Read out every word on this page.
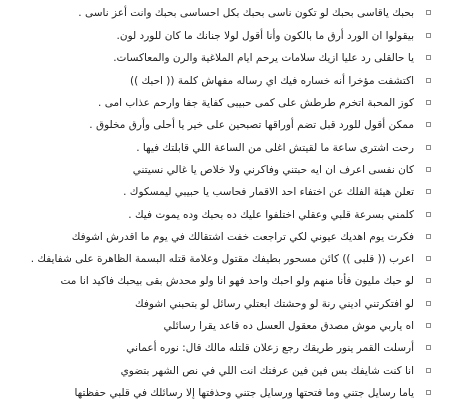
بحبك ياقاسى بحبك لو تكون ناسى بحبك بكل احساسى بحبك وانت أعز ناسى .
بيقولوا ان الورد أرق ما بالكون وأنا أقول لولا جنانك ما كان للورد لون.
يا حالقلى رد عليا ازيك سلامات يرحم ايام الملاغية والرن والمعاكسات.
اكتشفت مؤخرا أنه خساره فيك اي رساله مفهاش كلمة (( احبك ))
كوز المحبة اتخرم طرطش على كمى حبيبى كفاية جفا وارحم عذاب امى .
ممكن أقول للورد قبل تضم أوراقها تصبحين على خير يا أحلى وأرق مخلوق .
رحت اشترى ساعة ما لقيتش اغلى من الساعة اللي قابلتك فيها .
كان نفسى اعرف ان ايه حبتني وفاكرني ولا خلاص يا غالي نسيتني
تعلن هيئة الفلك عن اختفاء احد الاقمار فحاسب يا حبيبي ليمسكوك .
كلمني بسرعة قلبي وعقلي اختلفوا عليك ده بحبك وده يموت فيك .
فكرت يوم اهديك عيوني لكي تراجعت خفت اشتقالك في يوم ما اقدرش اشوفك
اعرب (( قلبى )) كائن مسحور بطيفك مقتول وعلامة قتله البسمة الظاهرة على شفايفك .
لو حبك مليون فأنا منهم ولو احبك واحد فهو انا ولو محدش بقى بيحبك فاكيد انا مت
لو افتكرتني اديني رنة لو وحشتك ابعتلي رسائل لو بتحبني اشوفك
اه ياربي موش مصدق معقول العسل ده قاعد يقرا رسائلي
أرسلت القمر ينور طريقك رجع زعلان قلتله مالك قال: نوره أعماني
انا كنت شايفك بس فين فين عرفتك انت اللي في نص الشهر بتضوي
ياما رسايل جتني وما فتحتها ورسايل جتني وحذفتها إلا رسائلك في قلبي حفظتها
